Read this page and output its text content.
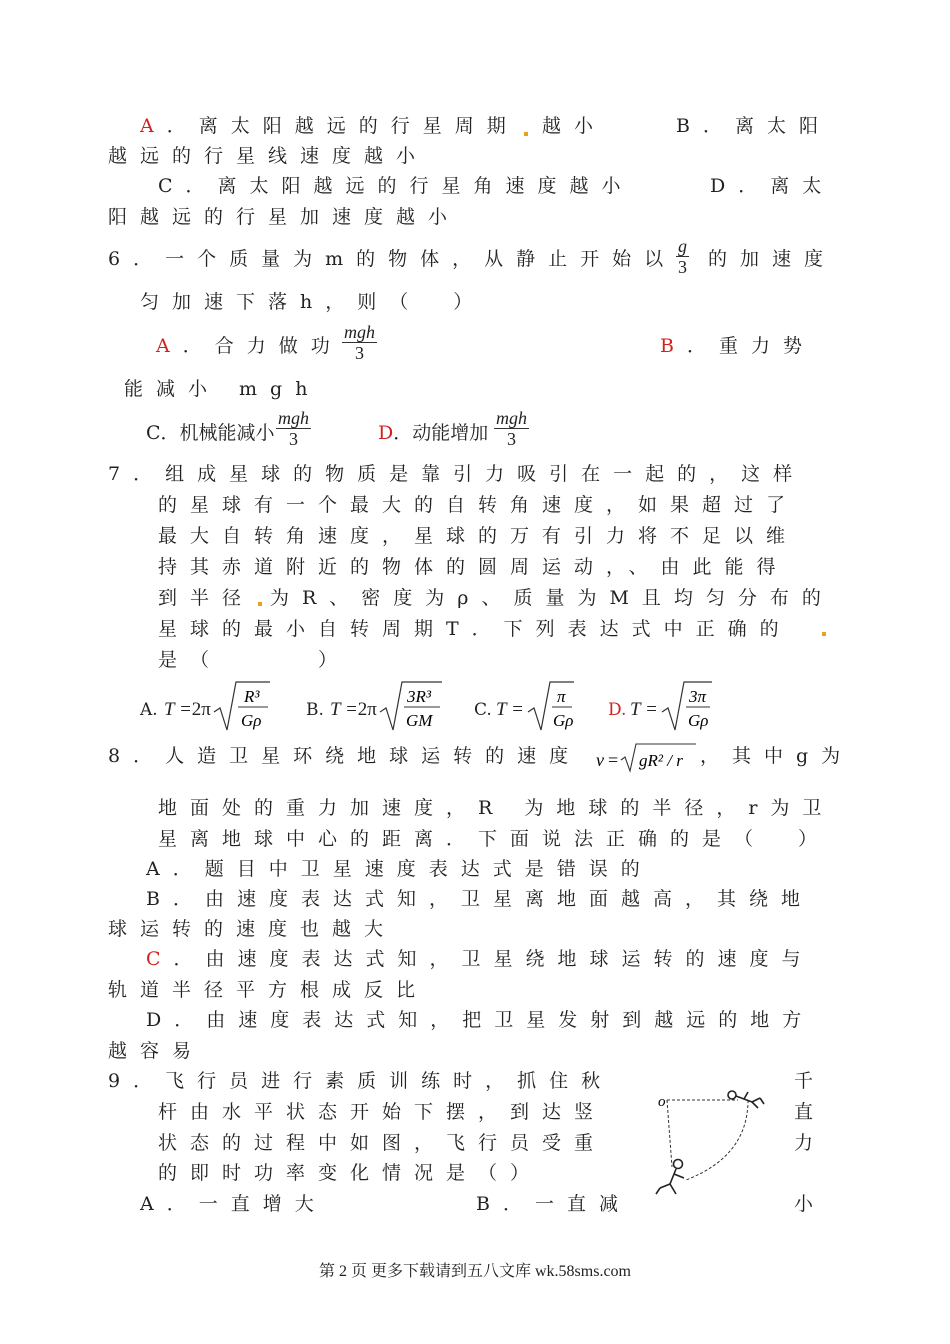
A．离太阳越远的行星周期 越小	B．离太阳
越远的行星线速度越小
C．离太阳越远的行星角速度越小	D．离太
阳越远的行星加速度越小
6．一个质量为m的物体，从静止开始以 $\frac{g}{3}$ 的加速度
匀加速下落h，则（　）
A．合力做功
mgh
3	B．重力势
能减小 mgh
C．机械能减小
mgh
3	D．动能增加
mgh
3
7．组成星球的物质是靠引力吸引在一起的，这样
的星球有一个最大的自转角速度，如果超过了
最大自转角速度，星球的万有引力将不足以维
持其赤道附近的物体的圆周运动，、由此能得
到半径 为R、密度为ρ、质量为M且均匀分布的
星球的最小自转周期T．下列表达式中正确的
是（　　　）
A. T =2π
R³
Gρ
B. T =2π
3R³
GM
C. T =
π
Gρ
D. T =
3π
Gρ
8．人造卫星环绕地球运转的速度 v = gR² / r ，其中g为
地面处的重力加速度，R 为地球的半径，r为卫
星离地球中心的距离．下面说法正确的是（　）
A．题目中卫星速度表达式是错误的
B．由速度表达式知，卫星离地面越高，其绕地
球运转的速度也越大
C．由速度表达式知，卫星绕地球运转的速度与
轨道半径平方根成反比
D．由速度表达式知，把卫星发射到越远的地方
越容易
9．飞行员进行素质训练时，抓住秋	千
杆由水平状态开始下摆，到达竖	直
状态的过程中如图，飞行员受重	力
的即时功率变化情况是（）
A．一直增大	B．一直减	小
o
第 2 页 更多下载请到五八文库 wk.58sms.com
